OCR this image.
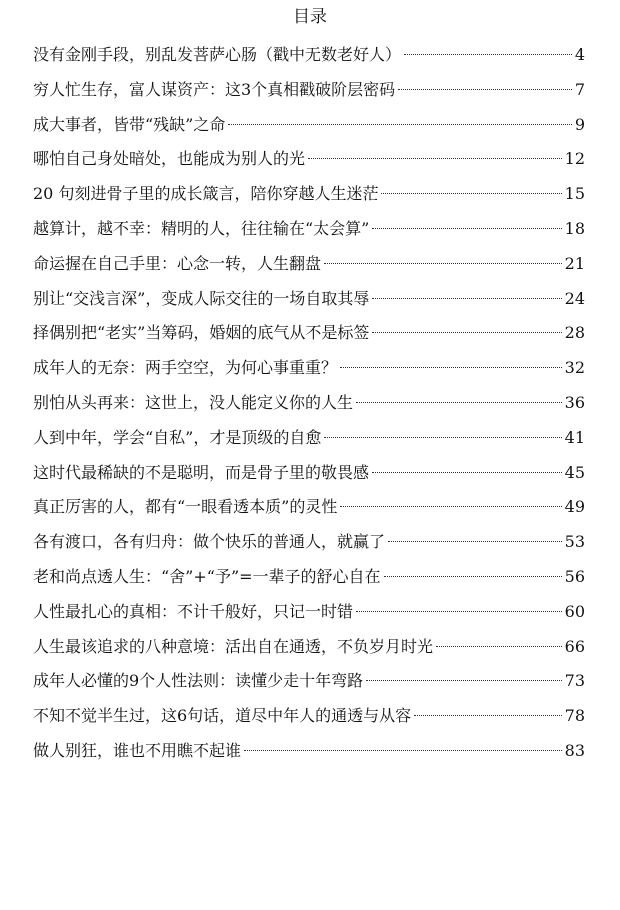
目录
没有金刚手段，别乱发菩萨心肠（戳中无数老好人）	4
穷人忙生存，富人谋资产：这3个真相戳破阶层密码	7
成大事者，皆带“残缺”之命	9
哪怕自己身处暗处，也能成为别人的光	12
20 句刻进骨子里的成长箴言，陪你穿越人生迷茫	15
越算计，越不幸：精明的人，往往输在“太会算”	18
命运握在自己手里：心念一转，人生翻盘	21
别让“交浅言深”，变成人际交往的一场自取其辱	24
择偶别把“老实”当筹码，婚姻的底气从不是标签	28
成年人的无奈：两手空空，为何心事重重？	32
别怕从头再来：这世上，没人能定义你的人生	36
人到中年，学会“自私”，才是顶级的自愈	41
这时代最稀缺的不是聪明，而是骨子里的敬畏感	45
真正厉害的人，都有“一眼看透本质”的灵性	49
各有渡口，各有归舟：做个快乐的普通人，就赢了	53
老和尚点透人生：“舍”+“予”=一辈子的舒心自在	56
人性最扎心的真相：不计千般好，只记一时错	60
人生最该追求的八种意境：活出自在通透，不负岁月时光	66
成年人必懂的9个人性法则：读懂少走十年弯路	73
不知不觉半生过，这6句话，道尽中年人的通透与从容	78
做人别狂，谁也不用瞧不起谁	83
